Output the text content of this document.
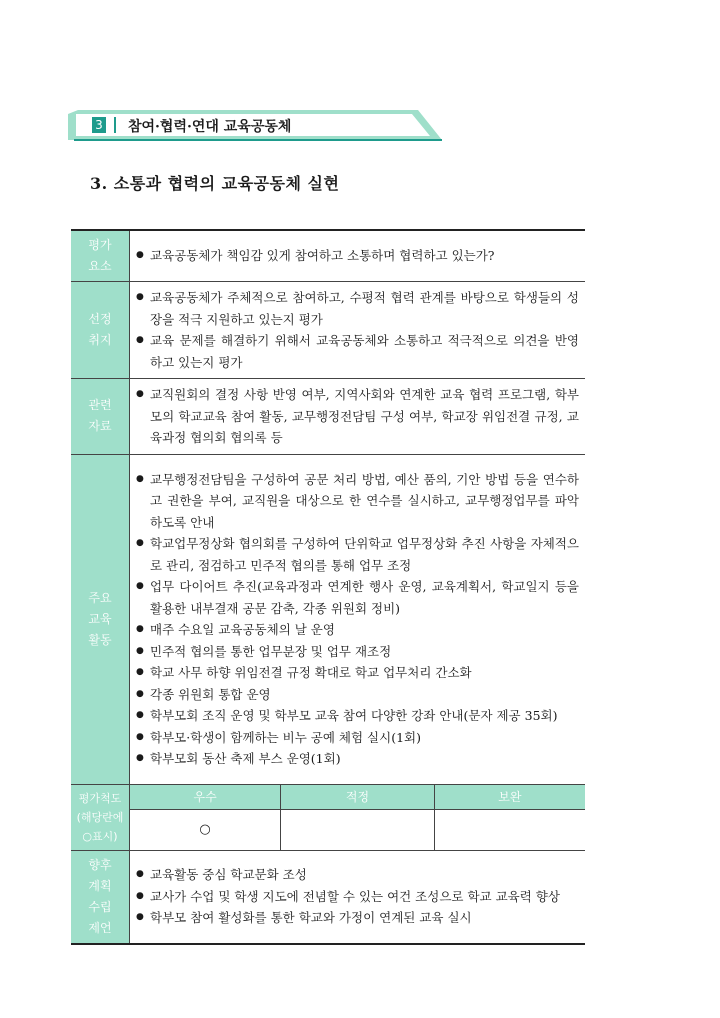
3 참여·협력·연대 교육공동체
3. 소통과 협력의 교육공동체 실현
평가
요소	
● 교육공동체가 책임감 있게 참여하고 소통하며 협력하고 있는가?

선정
취지	
● 교육공동체가 주체적으로 참여하고, 수평적 협력 관계를 바탕으로 학생들의 성장을 적극 지원하고 있는지 평가
● 교육 문제를 해결하기 위해서 교육공동체와 소통하고 적극적으로 의견을 반영하고 있는지 평가

관련
자료	
● 교직원회의 결정 사항 반영 여부, 지역사회와 연계한 교육 협력 프로그램, 학부모의 학교교육 참여 활동, 교무행정전담팀 구성 여부, 학교장 위임전결 규정, 교육과정 협의회 협의록 등

주요
교육
활동	
● 교무행정전담팀을 구성하여 공문 처리 방법, 예산 품의, 기안 방법 등을 연수하고 권한을 부여, 교직원을 대상으로 한 연수를 실시하고, 교무행정업무를 파악하도록 안내
● 학교업무정상화 협의회를 구성하여 단위학교 업무정상화 추진 사항을 자체적으로 관리, 점검하고 민주적 협의를 통해 업무 조정
● 업무 다이어트 추진(교육과정과 연계한 행사 운영, 교육계획서, 학교일지 등을 활용한 내부결재 공문 감축, 각종 위원회 정비)
● 매주 수요일 교육공동체의 날 운영
● 민주적 협의를 통한 업무분장 및 업무 재조정
● 학교 사무 하향 위임전결 규정 확대로 학교 업무처리 간소화
● 각종 위원회 통합 운영
● 학부모회 조직 운영 및 학부모 교육 참여 다양한 강좌 안내(문자 제공 35회)
● 학부모·학생이 함께하는 비누 공예 체험 실시(1회)
● 학부모회 동산 축제 부스 운영(1회)

평가척도
(해당란에
○표시)	
우수	적정	보완
○		

향후
계획
수립
제언	
● 교육활동 중심 학교문화 조성
● 교사가 수업 및 학생 지도에 전념할 수 있는 여건 조성으로 학교 교육력 향상
● 학부모 참여 활성화를 통한 학교와 가정이 연계된 교육 실시
